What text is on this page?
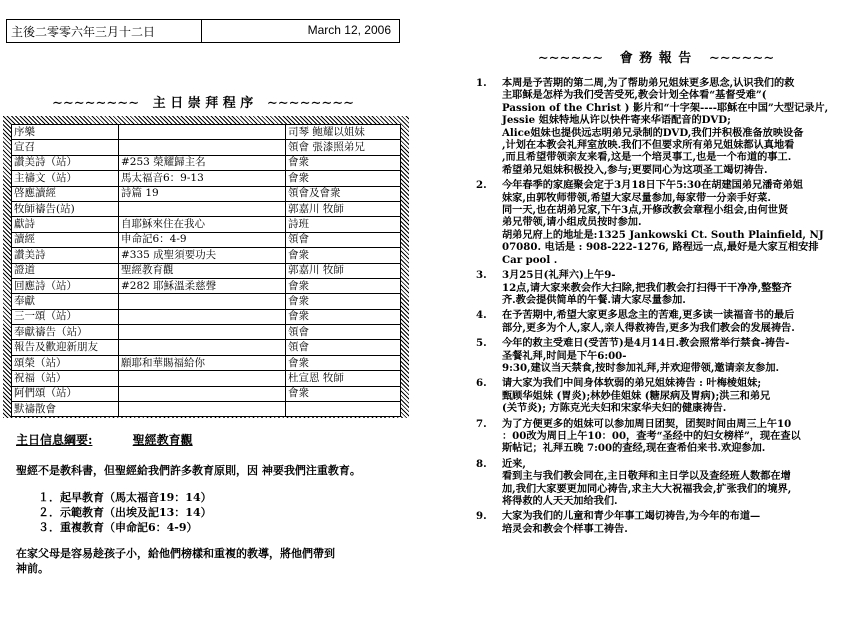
主後二零零六年三月十二日	March 12, 2006
∼∼∼∼∼∼∼∼ 主 日 崇 拜 程 序 ∼∼∼∼∼∼∼∼
序樂		司琴 鲍耀以姐妹
宣召		領會 張漆照弟兄
讚美詩（站）	#253 榮耀歸主名	會衆
主禱文（站）	馬太福音6：9-13	會衆
啓應讀經	詩篇 19	領會及會衆
牧師禱告(站)		郭嘉川 牧師
獻詩	自耶穌來住在我心	詩班
讀經	申命記6：4-9	領會
讚美詩	#335 成聖須要功夫	會衆
證道	聖經教育觀	郭嘉川 牧師
回應詩（站）	#282 耶穌溫柔慈聲	會衆
奉獻		會衆
三一頌（站）		會衆
奉獻禱告（站）		領會
報告及歡迎新朋友		領會
頌榮（站）	願耶和華賜福給你	會衆
祝福（站）		杜宣恩 牧師
阿們頌（站）		會衆
默禱散會		
主日信息綱要:	聖經教育觀
聖經不是教科書，但聖經給我們許多教育原則，因 神要我們注重教育。
１．起早教育（馬太福音19：14）
２．示範教育（出埃及記13：14）
３．重複教育（申命記6：4-9）
在家父母是容易趁孩子小，給他們榜樣和重複的教導，將他們帶到
神前。
∼∼∼∼∼∼ 會 務 報 告 ∼∼∼∼∼∼
1.	本周是予苦期的第二周,为了帮助弟兄姐妹更多思念,认识我们的救
主耶稣是怎样为我们受苦受死,教会计划全体看“基督受难”(
Passion of the Christ ) 影片和“十字架----耶稣在中国”大型记录片,
Jessie 姐妹特地从许以快件寄来华语配音的DVD;
Alice姐妹也提供远志明弟兄录制的DVD,我们并积极准备放映设备
,计划在本教会礼拜室放映.我们不但要求所有弟兄姐妹都认真地看
,而且希望带领亲友来看,这是一个培灵事工,也是一个布道的事工.
希望弟兄姐妹积极投入,参与;更要同心为这项圣工竭切祷告.
2.	今年春季的家庭聚会定于3月18日下午5:30在胡建国弟兄潘奇弟姐
妹家,由郭牧师带领,希望大家尽量参加,每家带一分亲手好菜.
同一天,也在胡弟兄家,下午3点,开修改教会章程小组会,由何世贤
弟兄带领,请小组成员按时参加.
胡弟兄府上的地址是:1325 Jankowski Ct. South Plainfield, NJ
07080. 电话是 : 908-222-1276, 路程远一点,最好是大家互相安排
Car pool .
3.	3月25日(礼拜六)上午9-
12点,请大家来教会作大扫除,把我们教会打扫得干干净净,整整齐
齐.教会提供简单的午餐.请大家尽量参加.
4.	在予苦期中,希望大家更多思念主的苦难,更多读一读福音书的最后
部分,更多为个人,家人,亲人得救祷告,更多为我们教会的发展祷告.
5.	今年的救主受难日(受苦节)是4月14日.教会照常举行禁食-祷告-
圣餐礼拜,时间是下午6:00-
9:30,建议当天禁食,按时参加礼拜,并欢迎带领,邀请亲友参加.
6.	请大家为我们中间身体软弱的弟兄姐妹祷告 : 叶梅棱姐妹;
甄顾华姐妹 (胃炎);林妙佳姐妹 (糖尿病及胃病);洪三和弟兄
(关节炎); 方陈克光夫妇和宋家华夫妇的健康祷告.
7.	为了方便更多的姐妹可以参加周日团契，团契时间由周三上午10
：00改为周日上午10：00，查考“圣经中的妇女榜样”，现在查以
斯帖记；礼拜五晚 7:00的查经,现在查希伯来书.欢迎参加.
8.	近来,
看到主与我们教会同在,主日敬拜和主日学以及查经班人数都在增
加,我们大家要更加同心祷告,求主大大祝福我会,扩张我们的境界,
将得救的人天天加给我们.
9.	大家为我们的儿童和青少年事工竭切祷告,为今年的布道—
培灵会和教会个样事工祷告.
